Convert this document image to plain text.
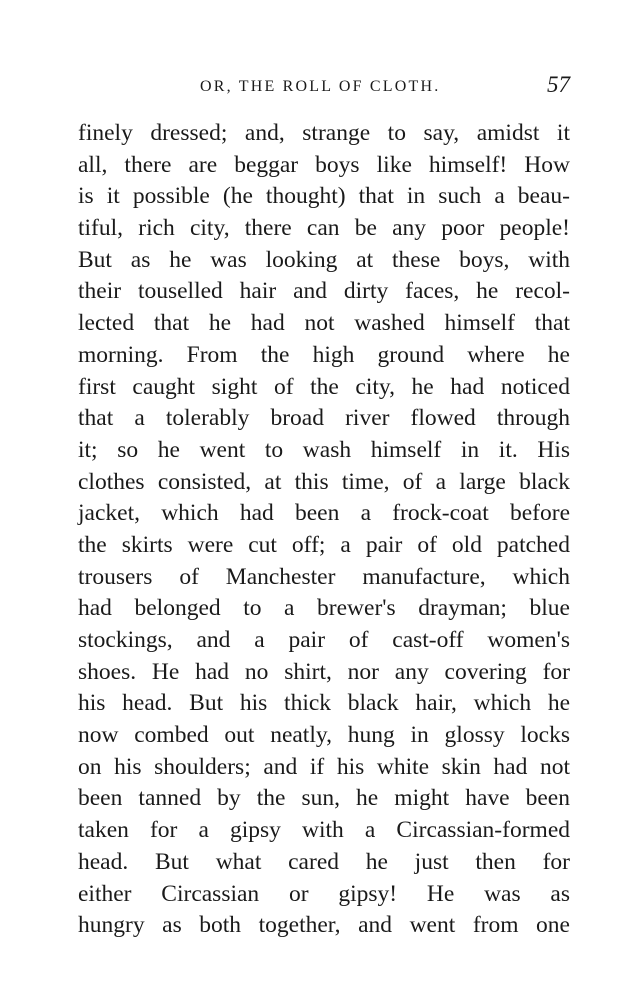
OR, THE ROLL OF CLOTH.	57
finely dressed; and, strange to say, amidst it
all, there are beggar boys like himself! How
is it possible (he thought) that in such a beau-
tiful, rich city, there can be any poor people!
But as he was looking at these boys, with
their touselled hair and dirty faces, he recol-
lected that he had not washed himself that
morning. From the high ground where he
first caught sight of the city, he had noticed
that a tolerably broad river flowed through
it; so he went to wash himself in it. His
clothes consisted, at this time, of a large black
jacket, which had been a frock-coat before
the skirts were cut off; a pair of old patched
trousers of Manchester manufacture, which
had belonged to a brewer's drayman; blue
stockings, and a pair of cast-off women's
shoes. He had no shirt, nor any covering for
his head. But his thick black hair, which he
now combed out neatly, hung in glossy locks
on his shoulders; and if his white skin had not
been tanned by the sun, he might have been
taken for a gipsy with a Circassian-formed
head. But what cared he just then for
either Circassian or gipsy! He was as
hungry as both together, and went from one
